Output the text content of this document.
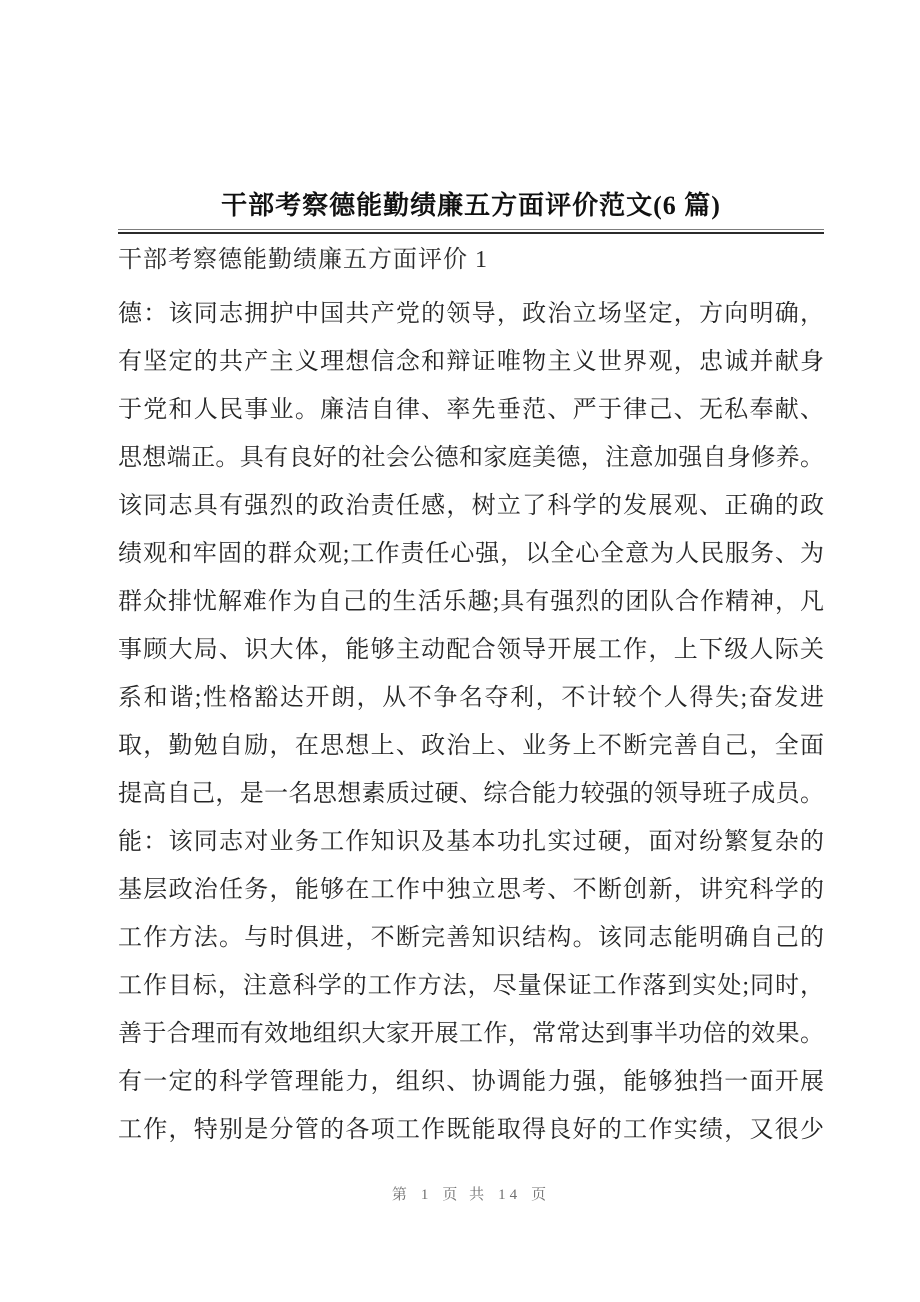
干部考察德能勤绩廉五方面评价范文(6 篇)
干部考察德能勤绩廉五方面评价 1
德：该同志拥护中国共产党的领导，政治立场坚定，方向明确，
有坚定的共产主义理想信念和辩证唯物主义世界观，忠诚并献身
于党和人民事业。廉洁自律、率先垂范、严于律己、无私奉献、
思想端正。具有良好的社会公德和家庭美德，注意加强自身修养。
该同志具有强烈的政治责任感，树立了科学的发展观、正确的政
绩观和牢固的群众观;工作责任心强，以全心全意为人民服务、为
群众排忧解难作为自己的生活乐趣;具有强烈的团队合作精神，凡
事顾大局、识大体，能够主动配合领导开展工作，上下级人际关
系和谐;性格豁达开朗，从不争名夺利，不计较个人得失;奋发进
取，勤勉自励，在思想上、政治上、业务上不断完善自己，全面
提高自己，是一名思想素质过硬、综合能力较强的领导班子成员。
能：该同志对业务工作知识及基本功扎实过硬，面对纷繁复杂的
基层政治任务，能够在工作中独立思考、不断创新，讲究科学的
工作方法。与时俱进，不断完善知识结构。该同志能明确自己的
工作目标，注意科学的工作方法，尽量保证工作落到实处;同时，
善于合理而有效地组织大家开展工作，常常达到事半功倍的效果。
有一定的科学管理能力，组织、协调能力强，能够独挡一面开展
工作，特别是分管的各项工作既能取得良好的工作实绩，又很少
第 1 页 共 14 页
